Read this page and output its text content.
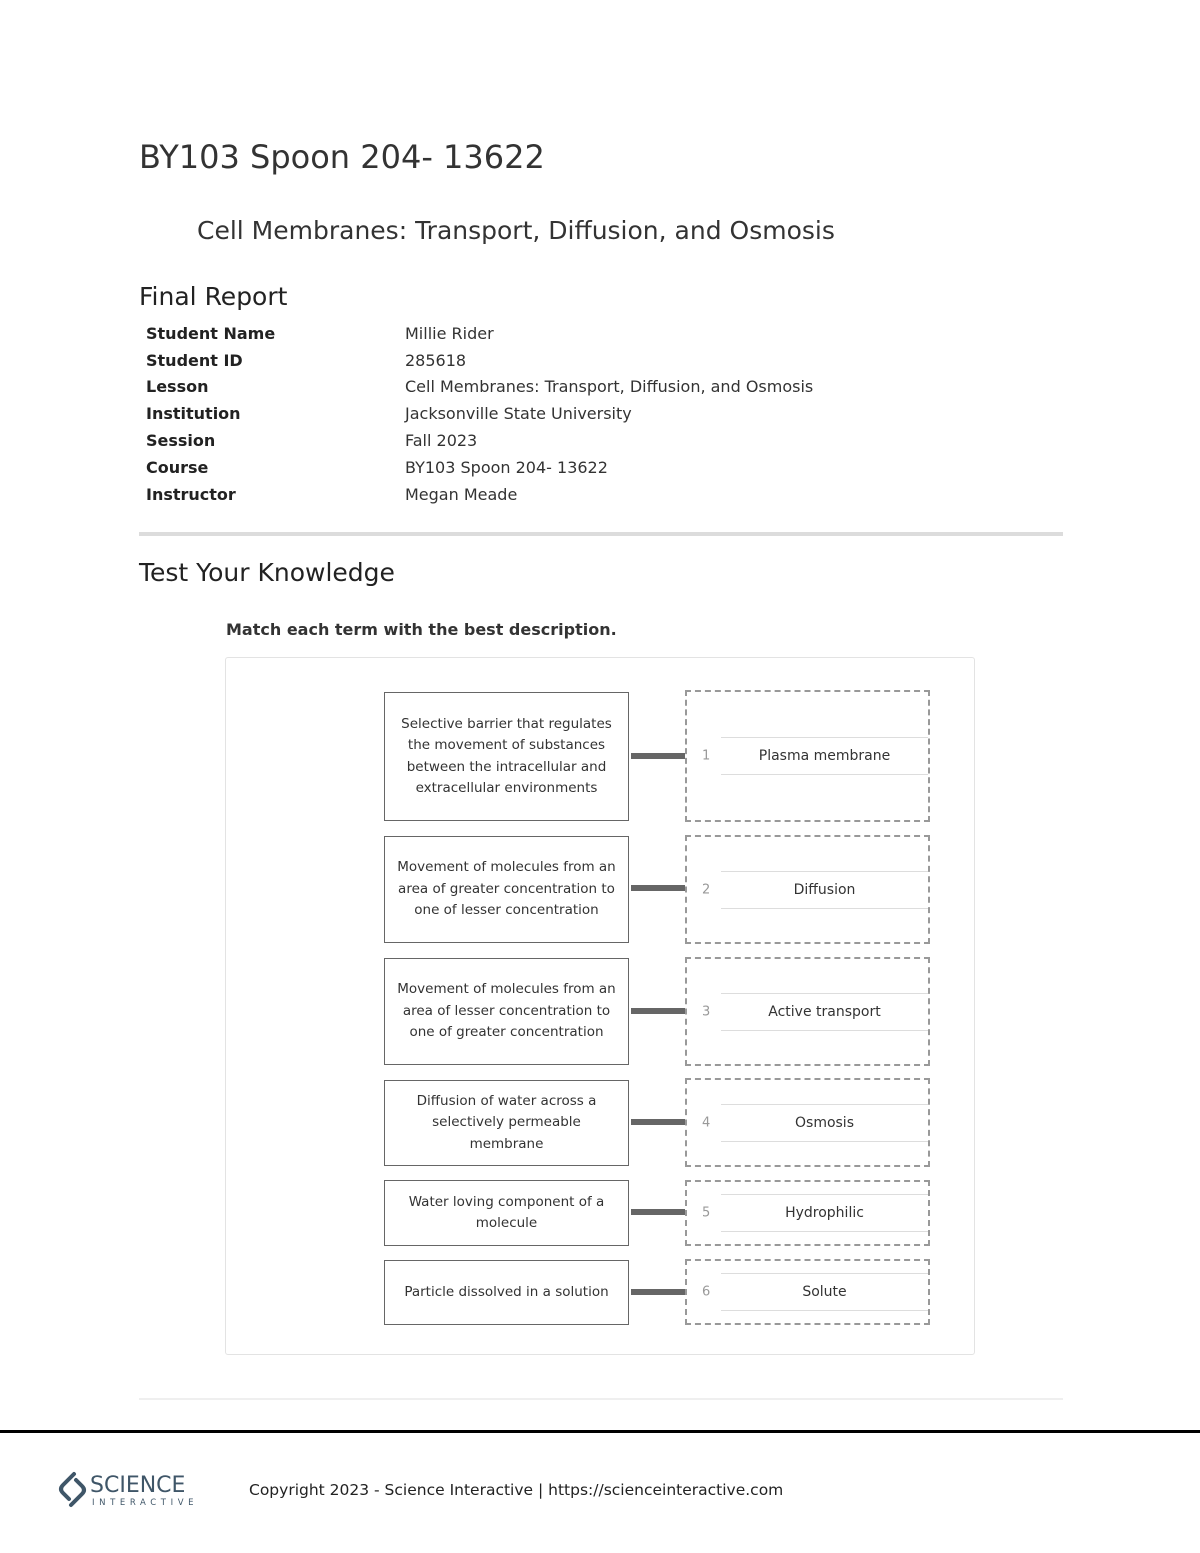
BY103 Spoon 204- 13622
Cell Membranes: Transport, Diffusion, and Osmosis
Final Report
Student Name	Millie Rider
Student ID	285618
Lesson	Cell Membranes: Transport, Diffusion, and Osmosis
Institution	Jacksonville State University
Session	Fall 2023
Course	BY103 Spoon 204- 13622
Instructor	Megan Meade
Test Your Knowledge
Match each term with the best description.
Selective barrier that regulates the movement of substances between the intracellular and extracellular environments
1	Plasma membrane
Movement of molecules from an area of greater concentration to one of lesser concentration
2	Diffusion
Movement of molecules from an area of lesser concentration to one of greater concentration
3	Active transport
Diffusion of water across a selectively permeable membrane
4	Osmosis
Water loving component of a molecule
5	Hydrophilic
Particle dissolved in a solution	6	Solute
SCIENCE
INTERACTIVE
Copyright 2023 - Science Interactive | https://scienceinteractive.com
